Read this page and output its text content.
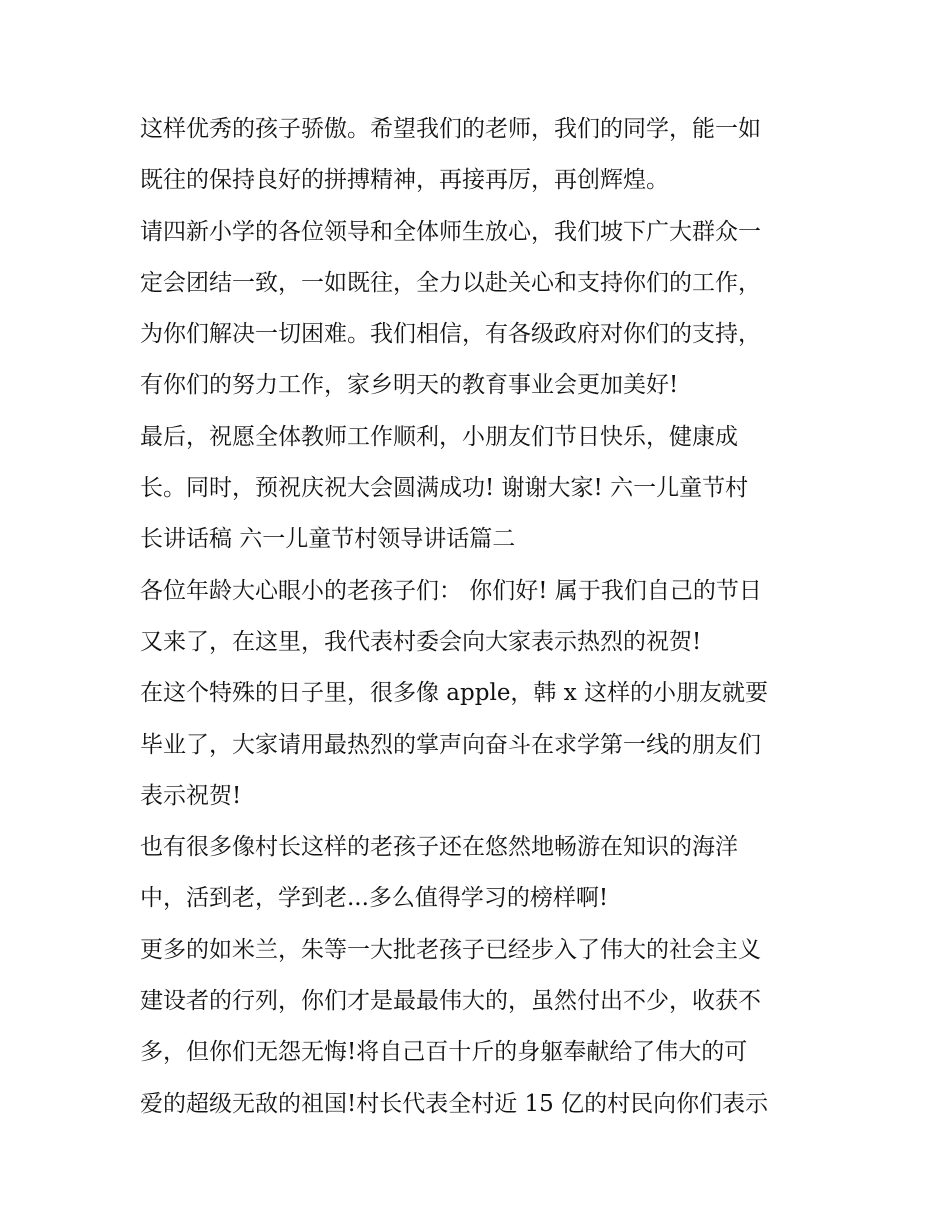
这样优秀的孩子骄傲。希望我们的老师，我们的同学，能一如
既往的保持良好的拼搏精神，再接再厉，再创辉煌。
请四新小学的各位领导和全体师生放心，我们坡下广大群众一
定会团结一致，一如既往，全力以赴关心和支持你们的工作，
为你们解决一切困难。我们相信，有各级政府对你们的支持，
有你们的努力工作，家乡明天的教育事业会更加美好!
最后，祝愿全体教师工作顺利，小朋友们节日快乐，健康成
长。同时，预祝庆祝大会圆满成功! 谢谢大家! 六一儿童节村
长讲话稿 六一儿童节村领导讲话篇二
各位年龄大心眼小的老孩子们： 你们好! 属于我们自己的节日
又来了，在这里，我代表村委会向大家表示热烈的祝贺!
在这个特殊的日子里，很多像 apple，韩 x 这样的小朋友就要
毕业了，大家请用最热烈的掌声向奋斗在求学第一线的朋友们
表示祝贺!
也有很多像村长这样的老孩子还在悠然地畅游在知识的海洋
中，活到老，学到老...多么值得学习的榜样啊!
更多的如米兰，朱等一大批老孩子已经步入了伟大的社会主义
建设者的行列，你们才是最最伟大的，虽然付出不少，收获不
多，但你们无怨无悔!将自己百十斤的身躯奉献给了伟大的可
爱的超级无敌的祖国!村长代表全村近 15 亿的村民向你们表示
